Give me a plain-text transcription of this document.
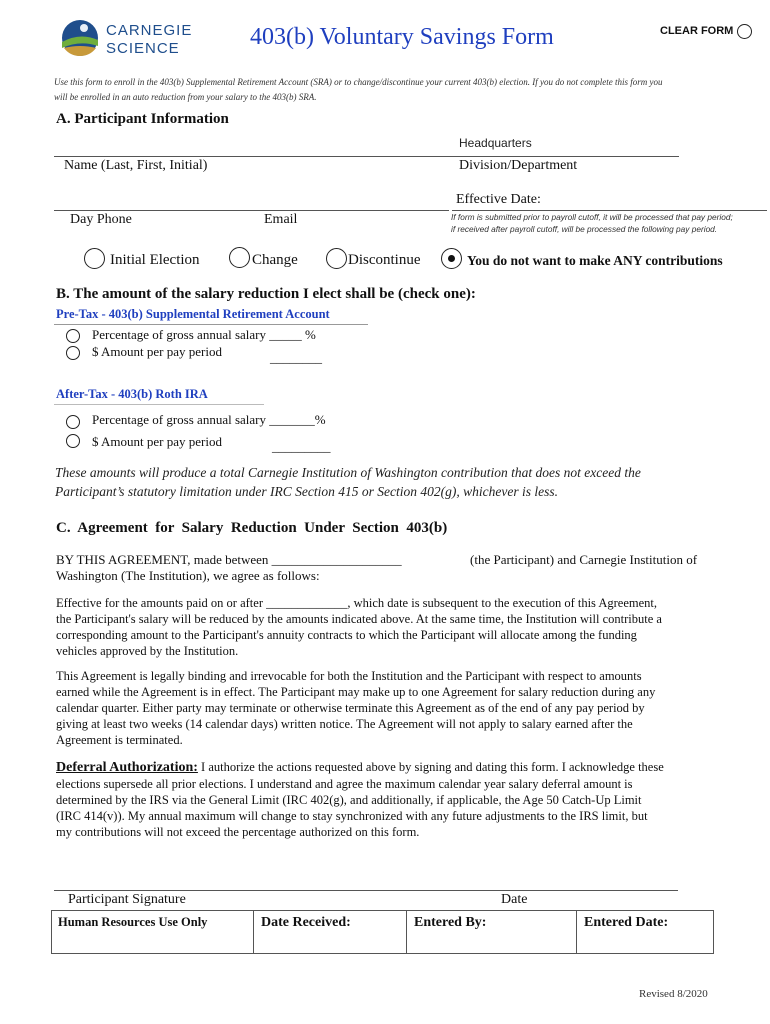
CARNEGIE
SCIENCE	403(b) Voluntary Savings Form	CLEAR FORM
Use this form to enroll in the 403(b) Supplemental Retirement Account (SRA) or to change/discontinue your current 403(b) election. If you do not complete this form you
will be enrolled in an auto reduction from your salary to the 403(b) SRA.
A. Participant Information
Headquarters
Name (Last, First, Initial)	Division/Department
Effective Date:
Day Phone	Email	If form is submitted prior to payroll cutoff, it will be processed that pay period;
if received after payroll cutoff, will be processed the following pay period.
Initial Election	Change	Discontinue	You do not want to make ANY contributions
B. The amount of the salary reduction I elect shall be (check one):
Pre-Tax - 403(b) Supplemental Retirement Account
Percentage of gross annual salary _____ %
$ Amount per pay period	________
After-Tax - 403(b) Roth IRA
Percentage of gross annual salary _______%
$ Amount per pay period	_________
These amounts will produce a total Carnegie Institution of Washington contribution that does not exceed the
Participant’s statutory limitation under IRC Section 415 or Section 402(g), whichever is less.
C.  Agreement  for  Salary  Reduction  Under  Section  403(b)
BY THIS AGREEMENT, made between ____________________	(the Participant) and Carnegie Institution of
Washington (The Institution), we agree as follows:
Effective for the amounts paid on or after _____________, which date is subsequent to the execution of this Agreement,
the Participant's salary will be reduced by the amounts indicated above. At the same time, the Institution will contribute a
corresponding amount to the Participant's annuity contracts to which the Participant will allocate among the funding
vehicles approved by the Institution.
This Agreement is legally binding and irrevocable for both the Institution and the Participant with respect to amounts
earned while the Agreement is in effect. The Participant may make up to one Agreement for salary reduction during any
calendar quarter. Either party may terminate or otherwise terminate this Agreement as of the end of any pay period by
giving at least two weeks (14 calendar days) written notice. The Agreement will not apply to salary earned after the
Agreement is terminated.
Deferral Authorization: I authorize the actions requested above by signing and dating this form. I acknowledge these
elections supersede all prior elections. I understand and agree the maximum calendar year salary deferral amount is
determined by the IRS via the General Limit (IRC 402(g), and additionally, if applicable, the Age 50 Catch-Up Limit
(IRC 414(v)). My annual maximum will change to stay synchronized with any future adjustments to the IRS limit, but
my contributions will not exceed the percentage authorized on this form.
Participant Signature	Date
Human Resources Use Only	Date Received:	Entered By:	Entered Date:
Revised 8/2020
